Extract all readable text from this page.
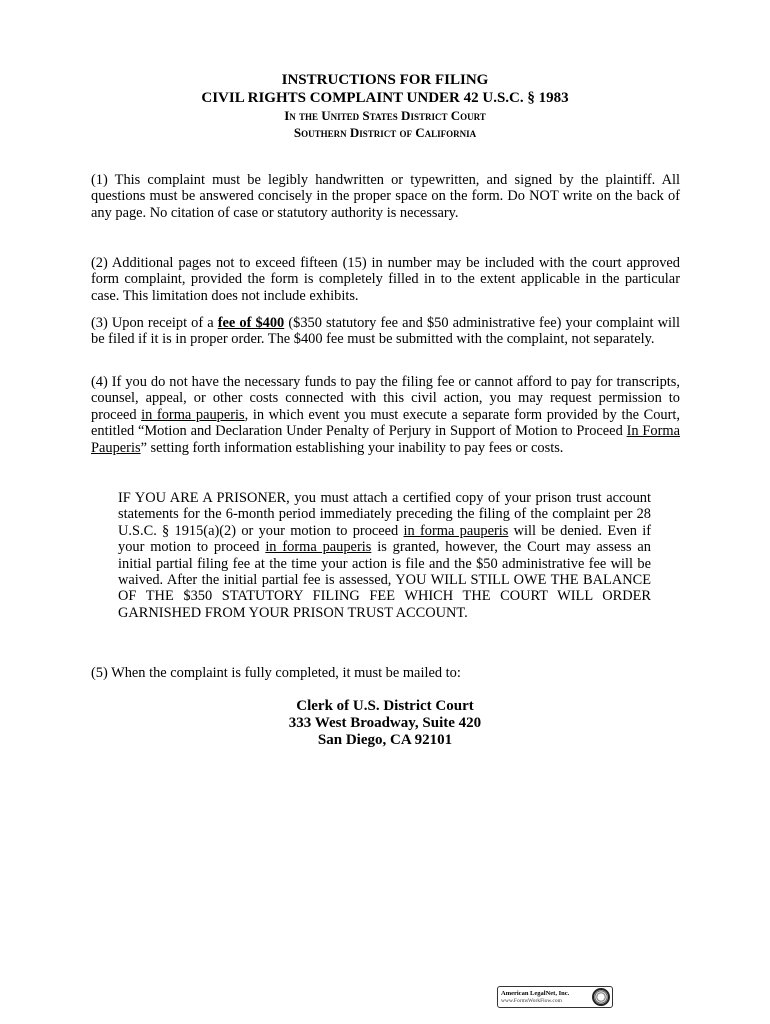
INSTRUCTIONS FOR FILING
CIVIL RIGHTS COMPLAINT UNDER 42 U.S.C. § 1983
In the United States District Court
Southern District of California

(1) This complaint must be legibly handwritten or typewritten, and signed by the plaintiff. All questions must be answered concisely in the proper space on the form. Do NOT write on the back of any page. No citation of case or statutory authority is necessary.

(2) Additional pages not to exceed fifteen (15) in number may be included with the court approved form complaint, provided the form is completely filled in to the extent applicable in the particular case. This limitation does not include exhibits.

(3) Upon receipt of a fee of $400 ($350 statutory fee and $50 administrative fee) your complaint will be filed if it is in proper order. The $400 fee must be submitted with the complaint, not separately.

(4) If you do not have the necessary funds to pay the filing fee or cannot afford to pay for transcripts, counsel, appeal, or other costs connected with this civil action, you may request permission to proceed in forma pauperis, in which event you must execute a separate form provided by the Court, entitled “Motion and Declaration Under Penalty of Perjury in Support of Motion to Proceed In Forma Pauperis” setting forth information establishing your inability to pay fees or costs.

IF YOU ARE A PRISONER, you must attach a certified copy of your prison trust account statements for the 6-month period immediately preceding the filing of the complaint per 28 U.S.C. § 1915(a)(2) or your motion to proceed in forma pauperis will be denied. Even if your motion to proceed in forma pauperis is granted, however, the Court may assess an initial partial filing fee at the time your action is file and the $50 administrative fee will be waived. After the initial partial fee is assessed, YOU WILL STILL OWE THE BALANCE OF THE $350 STATUTORY FILING FEE WHICH THE COURT WILL ORDER GARNISHED FROM YOUR PRISON TRUST ACCOUNT.

(5) When the complaint is fully completed, it must be mailed to:

Clerk of U.S. District Court
333 West Broadway, Suite 420
San Diego, CA 92101
American LegalNet, Inc.
www.FormsWorkFlow.com
